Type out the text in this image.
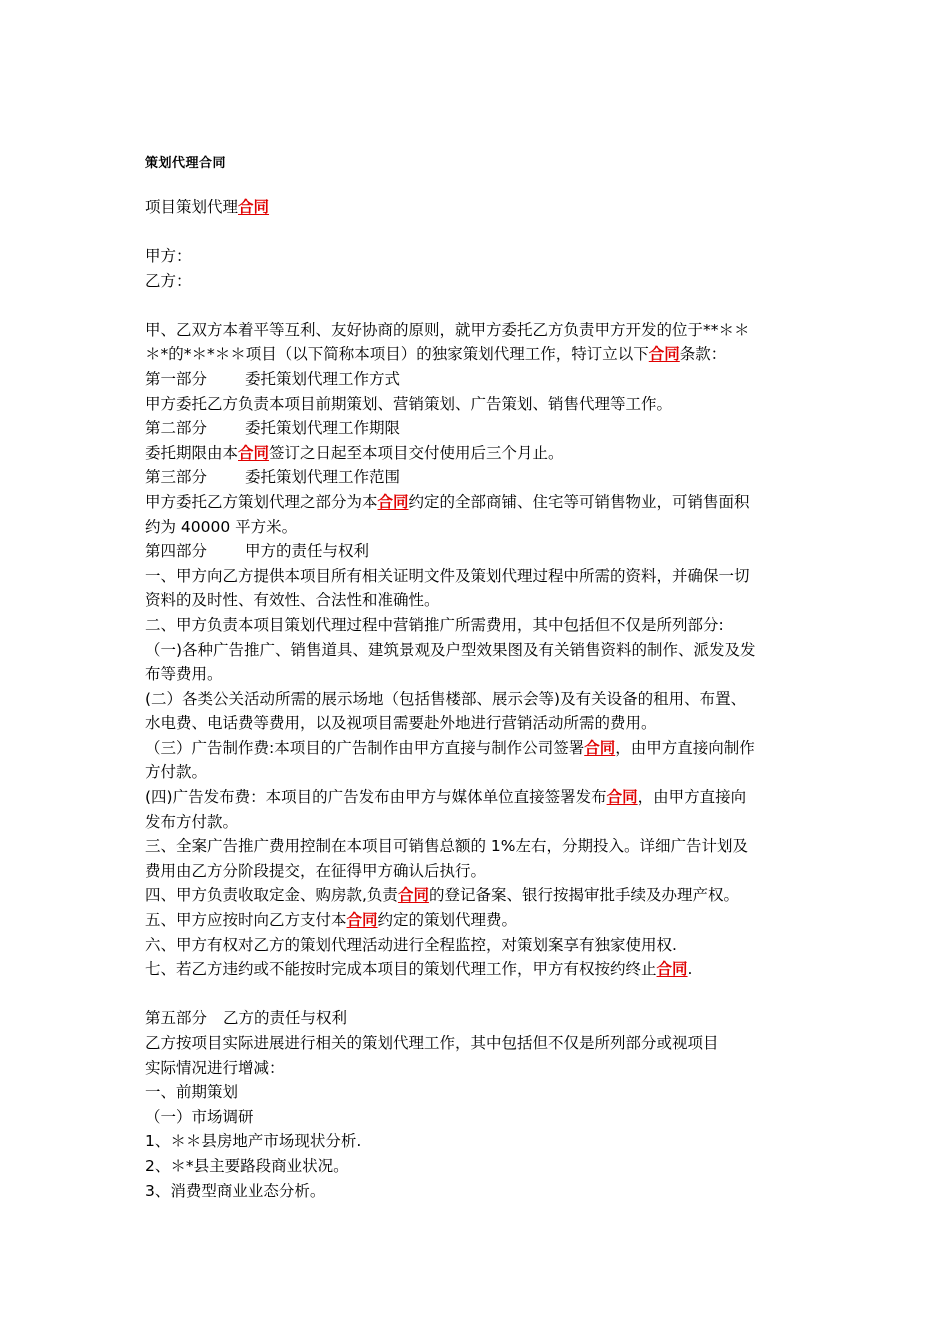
策划代理合同
项目策划代理合同
甲方：
乙方：
甲、乙双方本着平等互利、友好协商的原则，就甲方委托乙方负责甲方开发的位于**＊＊
＊*的*＊*＊＊项目（以下简称本项目）的独家策划代理工作，特订立以下合同条款：
第一部分 委托策划代理工作方式
甲方委托乙方负责本项目前期策划、营销策划、广告策划、销售代理等工作。
第二部分 委托策划代理工作期限
委托期限由本合同签订之日起至本项目交付使用后三个月止。
第三部分 委托策划代理工作范围
甲方委托乙方策划代理之部分为本合同约定的全部商铺、住宅等可销售物业，可销售面积
约为 40000 平方米。
第四部分 甲方的责任与权利
一、甲方向乙方提供本项目所有相关证明文件及策划代理过程中所需的资料，并确保一切
资料的及时性、有效性、合法性和准确性。
二、甲方负责本项目策划代理过程中营销推广所需费用，其中包括但不仅是所列部分:
（一)各种广告推广、销售道具、建筑景观及户型效果图及有关销售资料的制作、派发及发
布等费用。
(二）各类公关活动所需的展示场地（包括售楼部、展示会等)及有关设备的租用、布置、
水电费、电话费等费用，以及视项目需要赴外地进行营销活动所需的费用。
（三）广告制作费:本项目的广告制作由甲方直接与制作公司签署合同，由甲方直接向制作
方付款。
(四)广告发布费：本项目的广告发布由甲方与媒体单位直接签署发布合同，由甲方直接向
发布方付款。
三、全案广告推广费用控制在本项目可销售总额的 1%左右，分期投入。详细广告计划及
费用由乙方分阶段提交，在征得甲方确认后执行。
四、甲方负责收取定金、购房款,负责合同的登记备案、银行按揭审批手续及办理产权。
五、甲方应按时向乙方支付本合同约定的策划代理费。
六、甲方有权对乙方的策划代理活动进行全程监控，对策划案享有独家使用权.
七、若乙方违约或不能按时完成本项目的策划代理工作，甲方有权按约终止合同.
第五部分 乙方的责任与权利
乙方按项目实际进展进行相关的策划代理工作，其中包括但不仅是所列部分或视项目
实际情况进行增减：
一、前期策划
（一）市场调研
1、＊＊县房地产市场现状分析.
2、＊*县主要路段商业状况。
3、消费型商业业态分析。
